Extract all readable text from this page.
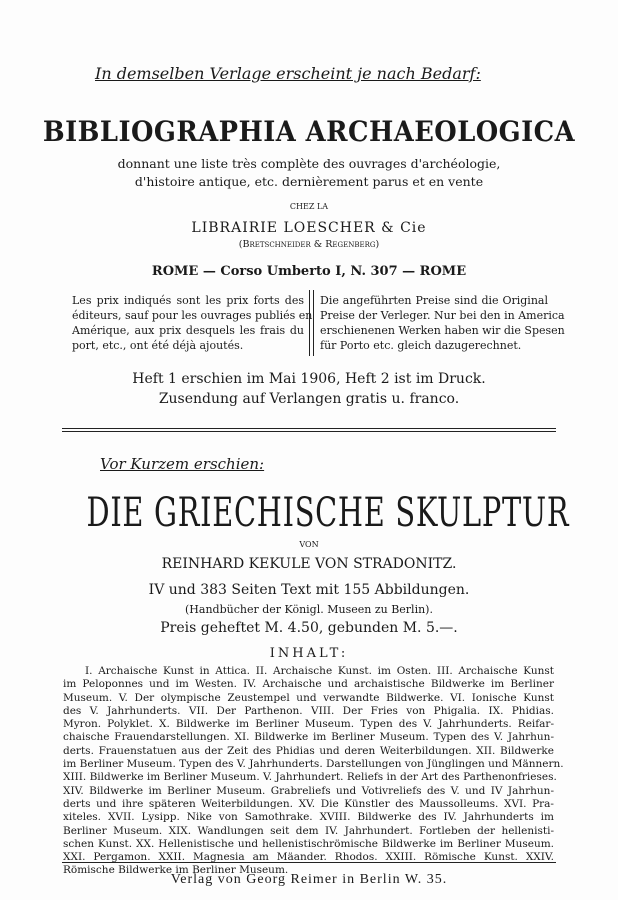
In demselben Verlage erscheint je nach Bedarf:
BIBLIOGRAPHIA ARCHAEOLOGICA
donnant une liste très complète des ouvrages d'archéologie,
d'histoire antique, etc. dernièrement parus et en vente
CHEZ LA
LIBRAIRIE LOESCHER & Cie
(Bretschneider & Regenberg)
ROME — Corso Umberto I, N. 307 — ROME
Les prix indiqués sont les prix forts des
éditeurs, sauf pour les ouvrages publiés en
Amérique, aux prix desquels les frais du
port, etc., ont été déjà ajoutés.
Die angeführten Preise sind die Original
Preise der Verleger. Nur bei den in America
erschienenen Werken haben wir die Spesen
für Porto etc. gleich dazugerechnet.
Heft 1 erschien im Mai 1906, Heft 2 ist im Druck.
Zusendung auf Verlangen gratis u. franco.
Vor Kurzem erschien:
DIE GRIECHISCHE SKULPTUR
VON
REINHARD KEKULE VON STRADONITZ.
IV und 383 Seiten Text mit 155 Abbildungen.
(Handbücher der Königl. Museen zu Berlin).
Preis geheftet M. 4.50, gebunden M. 5.—.
INHALT:
I. Archaische Kunst in Attica. II. Archaische Kunst. im Osten. III. Archaische Kunst
im Peloponnes und im Westen. IV. Archaische und archaistische Bildwerke im Berliner
Museum. V. Der olympische Zeustempel und verwandte Bildwerke. VI. Ionische Kunst
des V. Jahrhunderts. VII. Der Parthenon. VIII. Der Fries von Phigalia. IX. Phidias.
Myron. Polyklet. X. Bildwerke im Berliner Museum. Typen des V. Jahrhunderts. Reifar-
chaische Frauendarstellungen. XI. Bildwerke im Berliner Museum. Typen des V. Jahrhun-
derts. Frauenstatuen aus der Zeit des Phidias und deren Weiterbildungen. XII. Bildwerke
im Berliner Museum. Typen des V. Jahrhunderts. Darstellungen von Jünglingen und Männern.
XIII. Bildwerke im Berliner Museum. V. Jahrhundert. Reliefs in der Art des Parthenonfrieses.
XIV. Bildwerke im Berliner Museum. Grabreliefs und Votivreliefs des V. und IV Jahrhun-
derts und ihre späteren Weiterbildungen. XV. Die Künstler des Maussolleums. XVI. Pra-
xiteles. XVII. Lysipp. Nike von Samothrake. XVIII. Bildwerke des IV. Jahrhunderts im
Berliner Museum. XIX. Wandlungen seit dem IV. Jahrhundert. Fortleben der hellenisti-
schen Kunst. XX. Hellenistische und hellenistischrömische Bildwerke im Berliner Museum.
XXI. Pergamon. XXII. Magnesia am Mäander. Rhodos. XXIII. Römische Kunst. XXIV.
Römische Bildwerke im Berliner Museum.
Verlag von Georg Reimer in Berlin W. 35.
